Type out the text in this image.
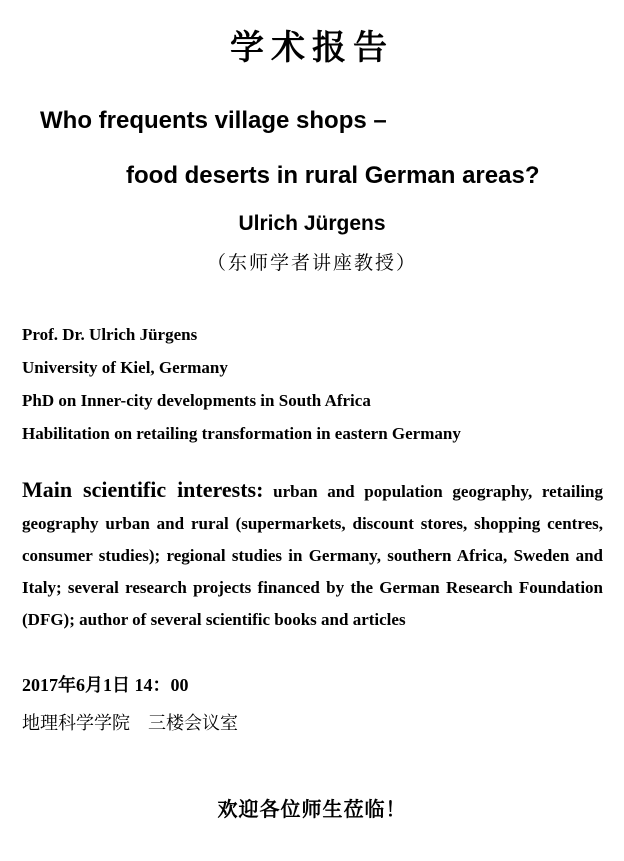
学术报告
Who frequents village shops –
food deserts in rural German areas?
Ulrich Jürgens
（东师学者讲座教授）
Prof. Dr. Ulrich Jürgens
University of Kiel, Germany
PhD on Inner-city developments in South Africa
Habilitation on retailing transformation in eastern Germany

Main scientific interests: urban and population geography, retailing geography urban and rural (supermarkets, discount stores, shopping centres, consumer studies); regional studies in Germany, southern Africa, Sweden and Italy; several research projects financed by the German Research Foundation (DFG); author of several scientific books and articles

2017年6月1日 14：00
地理科学学院　三楼会议室
欢迎各位师生莅临！
